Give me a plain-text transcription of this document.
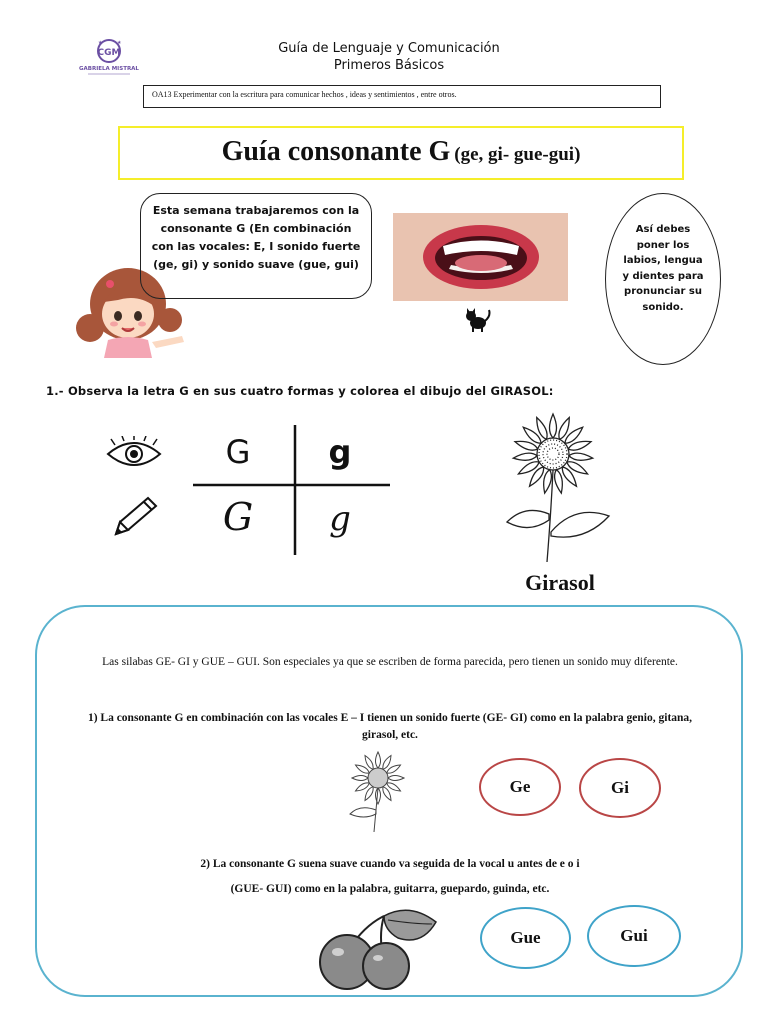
CGM
★	★
GABRIELA MISTRAL
Guía de Lenguaje y Comunicación
Primeros Básicos
OA13 Experimentar con la escritura para comunicar hechos , ideas y sentimientos , entre otros.
Guía consonante G (ge, gi- gue-gui)
Esta semana trabajaremos con la consonante G (En combinación con las vocales: E, I sonido fuerte (ge, gi) y sonido suave (gue, gui)
Así debes poner los labios, lengua y dientes para pronunciar su sonido.
1.- Observa la letra G en sus cuatro formas y colorea el dibujo del GIRASOL:
G	g
G	g
Girasol
Las silabas GE- GI y GUE – GUI. Son especiales ya que se escriben de forma parecida, pero tienen un sonido muy diferente.
1) La consonante G en combinación con las vocales E – I tienen un sonido fuerte (GE- GI) como en la palabra genio, gitana, girasol, etc.
Ge	Gi
2) La consonante G suena suave cuando va seguida de la vocal u antes de e o i
(GUE- GUI) como en la palabra, guitarra, guepardo, guinda, etc.
Gue	Gui
